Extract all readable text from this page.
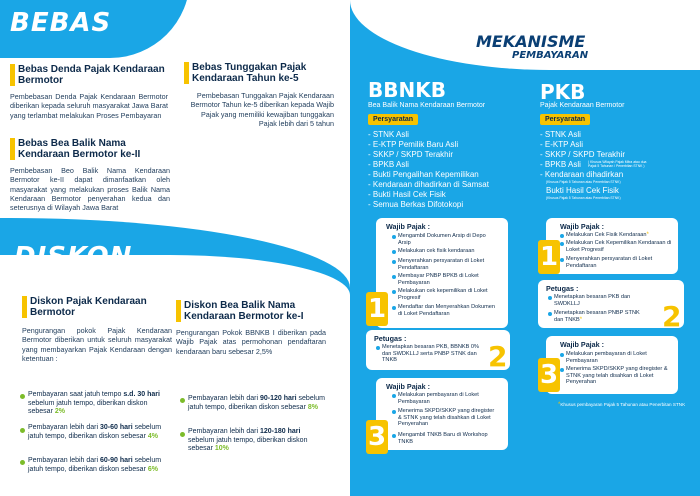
BEBAS
Bebas Denda Pajak Kendaraan Bermotor
Pembebasan Denda Pajak Kendaraan Bermotor diberikan kepada seluruh masyarakat Jawa Barat yang terlambat melakukan Proses Pembayaran
Bebas Tunggakan Pajak Kendaraan Tahun ke-5
Pembebasan Tunggakan Pajak Kendaraan Bermotor Tahun ke-5 diberikan kepada Wajib Pajak yang memiliki kewajiban tunggakan Pajak lebih dari 5 tahun
Bebas Bea Balik Nama Kendaraan Bermotor ke-II
Pembebasan Beo Balik Nama Kendaraan Bermotor ke-II dapat dimanfaatkan oleh masyarakat yang melakukan proses Balik Nama Kendaraan Bermotor penyerahan kedua dan seterusnya di Wilayah Jawa Barat
DISKON
Diskon Pajak Kendaraan Bermotor
Pengurangan pokok Pajak Kendaraan Bermotor diberikan untuk seluruh masyarakat yang membayarkan Pajak Kendaraan dengan ketentuan :
Diskon Bea Balik Nama Kendaraan Bermotor ke-I
Pengurangan Pokok BBNKB I diberikan pada Wajib Pajak atas permohonan pendaftaran kendaraan baru sebesar 2,5%
Pembayaran saat jatuh tempo s.d. 30 hari sebelum jatuh tempo, diberikan diskon sebesar 2%
Pembayaran lebih dari 30-60 hari sebelum jatuh tempo, diberikan diskon sebesar 4%
Pembayaran lebih dari 60-90 hari sebelum jatuh tempo, diberikan diskon sebesar 6%
Pembayaran lebih dari 90-120 hari sebelum jatuh tempo, diberikan diskon sebesar 8%
Pembayaran lebih dari 120-180 hari sebelum jatuh tempo, diberikan diskon sebesar 10%
MEKANISME
PEMBAYARAN
BBNKB
Bea Balik Nama Kendaraan Bermotor
Persyaratan
- STNK Asli
- E-KTP Pemilik Baru Asli
- SKKP / SKPD Terakhir
- BPKB Asli
- Bukti Pengalihan Kepemilikan
- Kendaraan dihadirkan di Samsat
- Bukti Hasil Cek Fisik
- Semua Berkas Difotokopi
Wajib Pajak :
Mengambil Dokumen Arsip di Depo Arsip
Melakukan cek fisik kendaraan
Menyerahkan persyaratan di Loket Pendaftaran
Membayar PNBP BPKB di Loket Pembayaran
Melakukan cek kepemilikan di Loket Progresif
Mendaftar dan Menyerahkan Dokumen di Loket Pendaftaran
1
Petugas :
Menetapkan besaran PKB, BBNKB 0% dan SWDKLLJ serta PNBP STNK dan TNKB	2
Wajib Pajak :
Melakukan pembayaran di Loket Pembayaran
Menerima SKPD/SKKP yang diregister & STNK yang telah disahkan di Loket Penyerahan
Mengambil TNKB Baru di Workshop TNKB
3
PKB
Pajak Kendaraan Bermotor
Persyaratan
- STNK Asli
- E-KTP Asli
- SKKP / SKPD Terakhir
- BPKB Asli ( Khusus Wilayah Pajak Mitra atau dua Pajak 5 Tahunan / Penerbitan STNK )
- Kendaraan dihadirkan
(Khusus Pajak 5 Tahunan atau Penerbitan STNK)
Bukti Hasil Cek Fisik
(Khusus Pajak 5 Tahunan atau Penerbitan STNK)
Wajib Pajak :
Melakukan Cek Fisik Kendaraan*
Melakukan Cek Kepemilikan Kendaraan di Loket Progresif
Menyerahkan persyaratan di Loket Pendaftaran
1
Petugas :
Menetapkan besaran PKB dan SWDKLLJ
Menetapkan besaran PNBP STNK dan TNKB*	2
Wajib Pajak :
Melakukan pembayaran di Loket Pembayaran
Menerima SKPD/SKKP yang diregister & STNK yang telah disahkan di Loket Penyerahan
3
*Khusus pembayaran Pajak 5 Tahunan atau Penerbitan STNK
